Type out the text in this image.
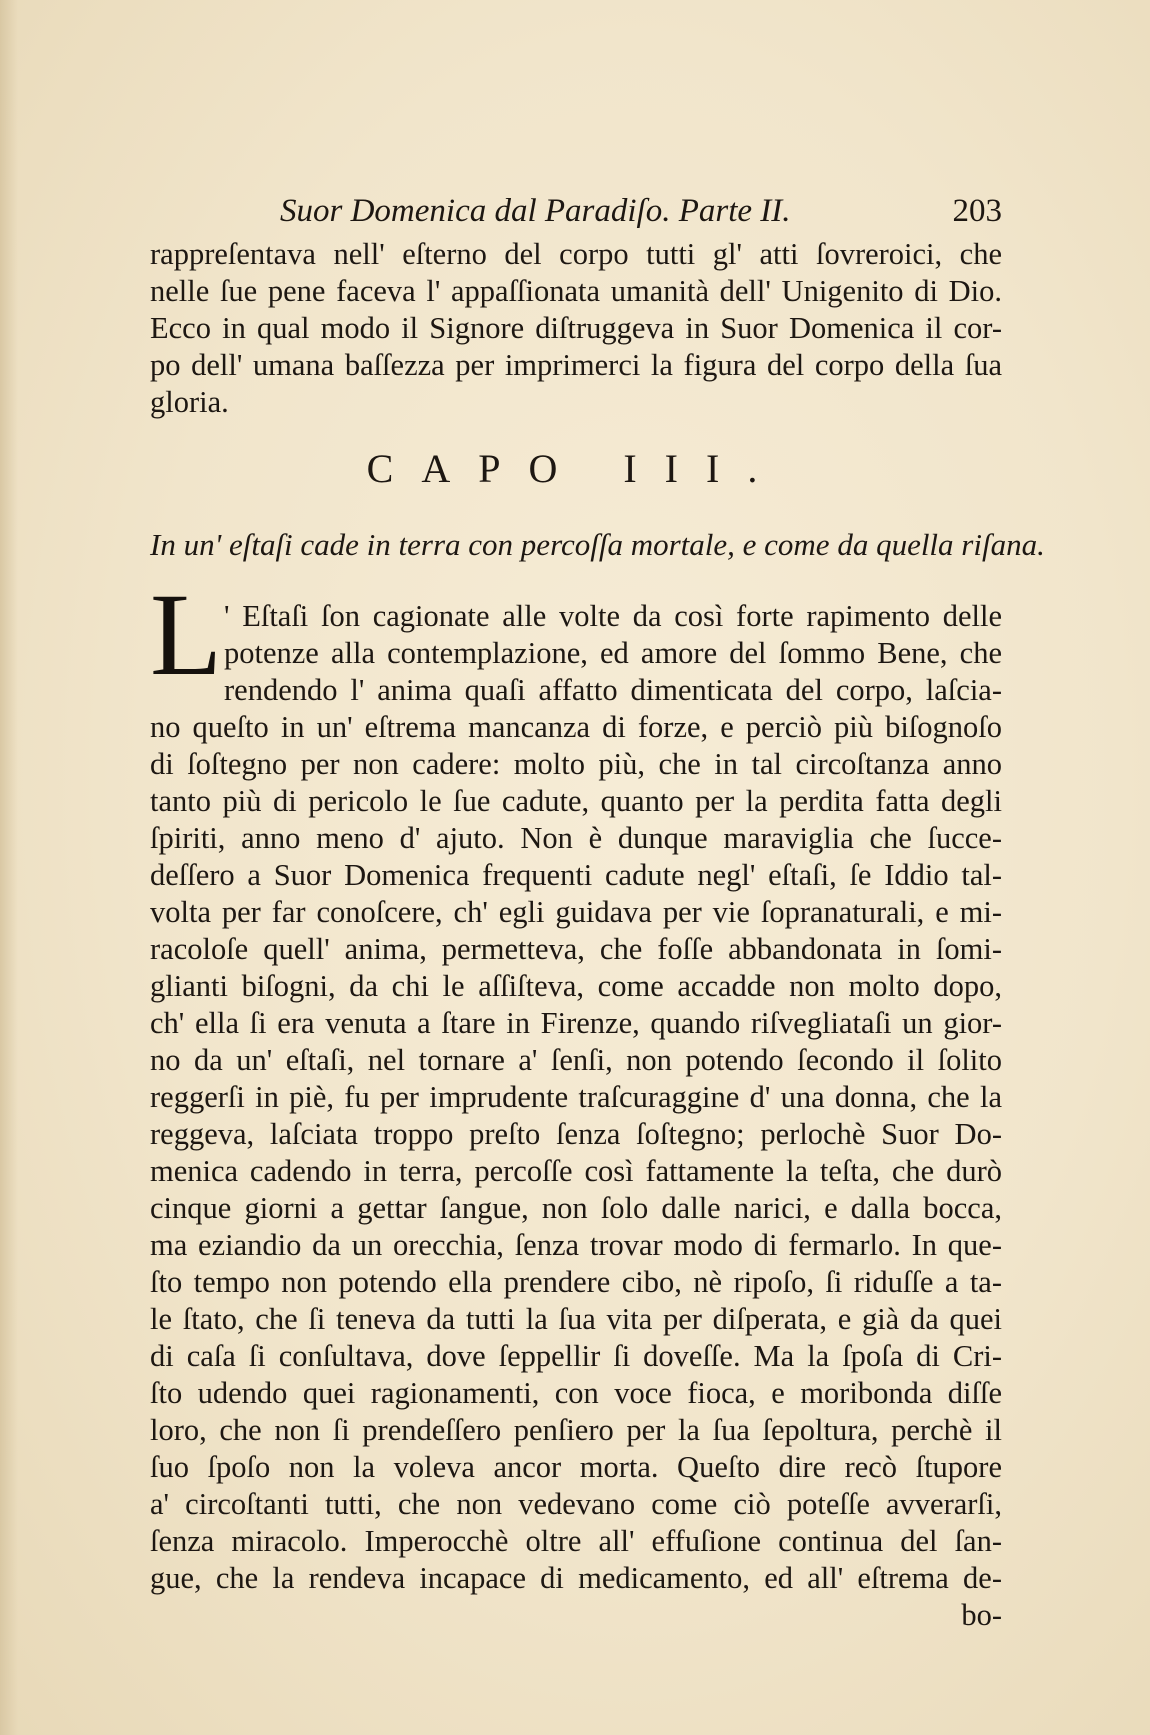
Suor Domenica dal Paradiſo. Parte II.	203
rappreſentava nell' eſterno del corpo tutti gl' atti ſovreroici, che
nelle ſue pene faceva l' appaſſionata umanità dell' Unigenito di Dio.
Ecco in qual modo il Signore diſtruggeva in Suor Domenica il cor-
po dell' umana baſſezza per imprimerci la figura del corpo della ſua
gloria.
CAPO III.
In un' eſtaſi cade in terra con percoſſa mortale, e come da quella riſana.
L ' Eſtaſi ſon cagionate alle volte da così forte rapimento delle
potenze alla contemplazione, ed amore del ſommo Bene, che
rendendo l' anima quaſi affatto dimenticata del corpo, laſcia-
no queſto in un' eſtrema mancanza di forze, e perciò più biſognoſo
di ſoſtegno per non cadere: molto più, che in tal circoſtanza anno
tanto più di pericolo le ſue cadute, quanto per la perdita fatta degli
ſpiriti, anno meno d' ajuto. Non è dunque maraviglia che ſucce-
deſſero a Suor Domenica frequenti cadute negl' eſtaſi, ſe Iddio tal-
volta per far conoſcere, ch' egli guidava per vie ſopranaturali, e mi-
racoloſe quell' anima, permetteva, che foſſe abbandonata in ſomi-
glianti biſogni, da chi le aſſiſteva, come accadde non molto dopo,
ch' ella ſi era venuta a ſtare in Firenze, quando riſvegliataſi un gior-
no da un' eſtaſi, nel tornare a' ſenſi, non potendo ſecondo il ſolito
reggerſi in piè, fu per imprudente traſcuraggine d' una donna, che la
reggeva, laſciata troppo preſto ſenza ſoſtegno; perlochè Suor Do-
menica cadendo in terra, percoſſe così fattamente la teſta, che durò
cinque giorni a gettar ſangue, non ſolo dalle narici, e dalla bocca,
ma eziandio da un orecchia, ſenza trovar modo di fermarlo. In que-
ſto tempo non potendo ella prendere cibo, nè ripoſo, ſi riduſſe a ta-
le ſtato, che ſi teneva da tutti la ſua vita per diſperata, e già da quei
di caſa ſi conſultava, dove ſeppellir ſi doveſſe. Ma la ſpoſa di Cri-
ſto udendo quei ragionamenti, con voce fioca, e moribonda diſſe
loro, che non ſi prendeſſero penſiero per la ſua ſepoltura, perchè il
ſuo ſpoſo non la voleva ancor morta. Queſto dire recò ſtupore
a' circoſtanti tutti, che non vedevano come ciò poteſſe avverarſi,
ſenza miracolo. Imperocchè oltre all' effuſione continua del ſan-
gue, che la rendeva incapace di medicamento, ed all' eſtrema de-
bo-
